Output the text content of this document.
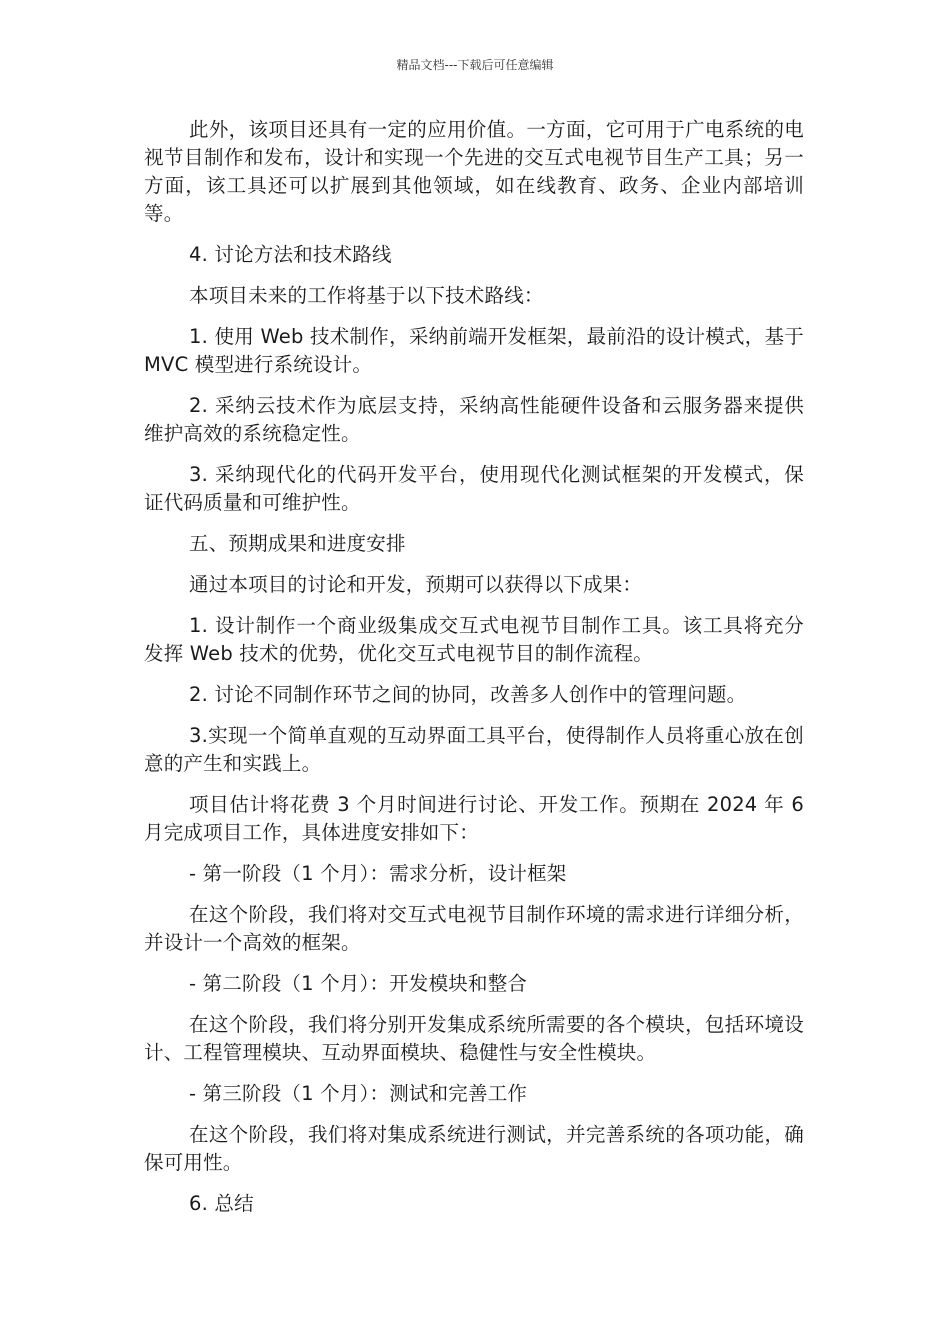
精品文档---下载后可任意编辑

此外，该项目还具有一定的应用价值。一方面，它可用于广电系统的电视节目制作和发布，设计和实现一个先进的交互式电视节目生产工具；另一方面，该工具还可以扩展到其他领域，如在线教育、政务、企业内部培训等。

4. 讨论方法和技术路线

本项目未来的工作将基于以下技术路线：

1. 使用 Web 技术制作，采纳前端开发框架，最前沿的设计模式，基于 MVC 模型进行系统设计。

2. 采纳云技术作为底层支持，采纳高性能硬件设备和云服务器来提供维护高效的系统稳定性。

3. 采纳现代化的代码开发平台，使用现代化测试框架的开发模式，保证代码质量和可维护性。

五、预期成果和进度安排

通过本项目的讨论和开发，预期可以获得以下成果：

1. 设计制作一个商业级集成交互式电视节目制作工具。该工具将充分发挥 Web 技术的优势，优化交互式电视节目的制作流程。

2. 讨论不同制作环节之间的协同，改善多人创作中的管理问题。

3.实现一个简单直观的互动界面工具平台，使得制作人员将重心放在创意的产生和实践上。

项目估计将花费 3 个月时间进行讨论、开发工作。预期在 2024 年 6 月完成项目工作，具体进度安排如下：

- 第一阶段（1 个月）：需求分析，设计框架

在这个阶段，我们将对交互式电视节目制作环境的需求进行详细分析，并设计一个高效的框架。

- 第二阶段（1 个月）：开发模块和整合

在这个阶段，我们将分别开发集成系统所需要的各个模块，包括环境设计、工程管理模块、互动界面模块、稳健性与安全性模块。

- 第三阶段（1 个月）：测试和完善工作

在这个阶段，我们将对集成系统进行测试，并完善系统的各项功能，确保可用性。

6. 总结
